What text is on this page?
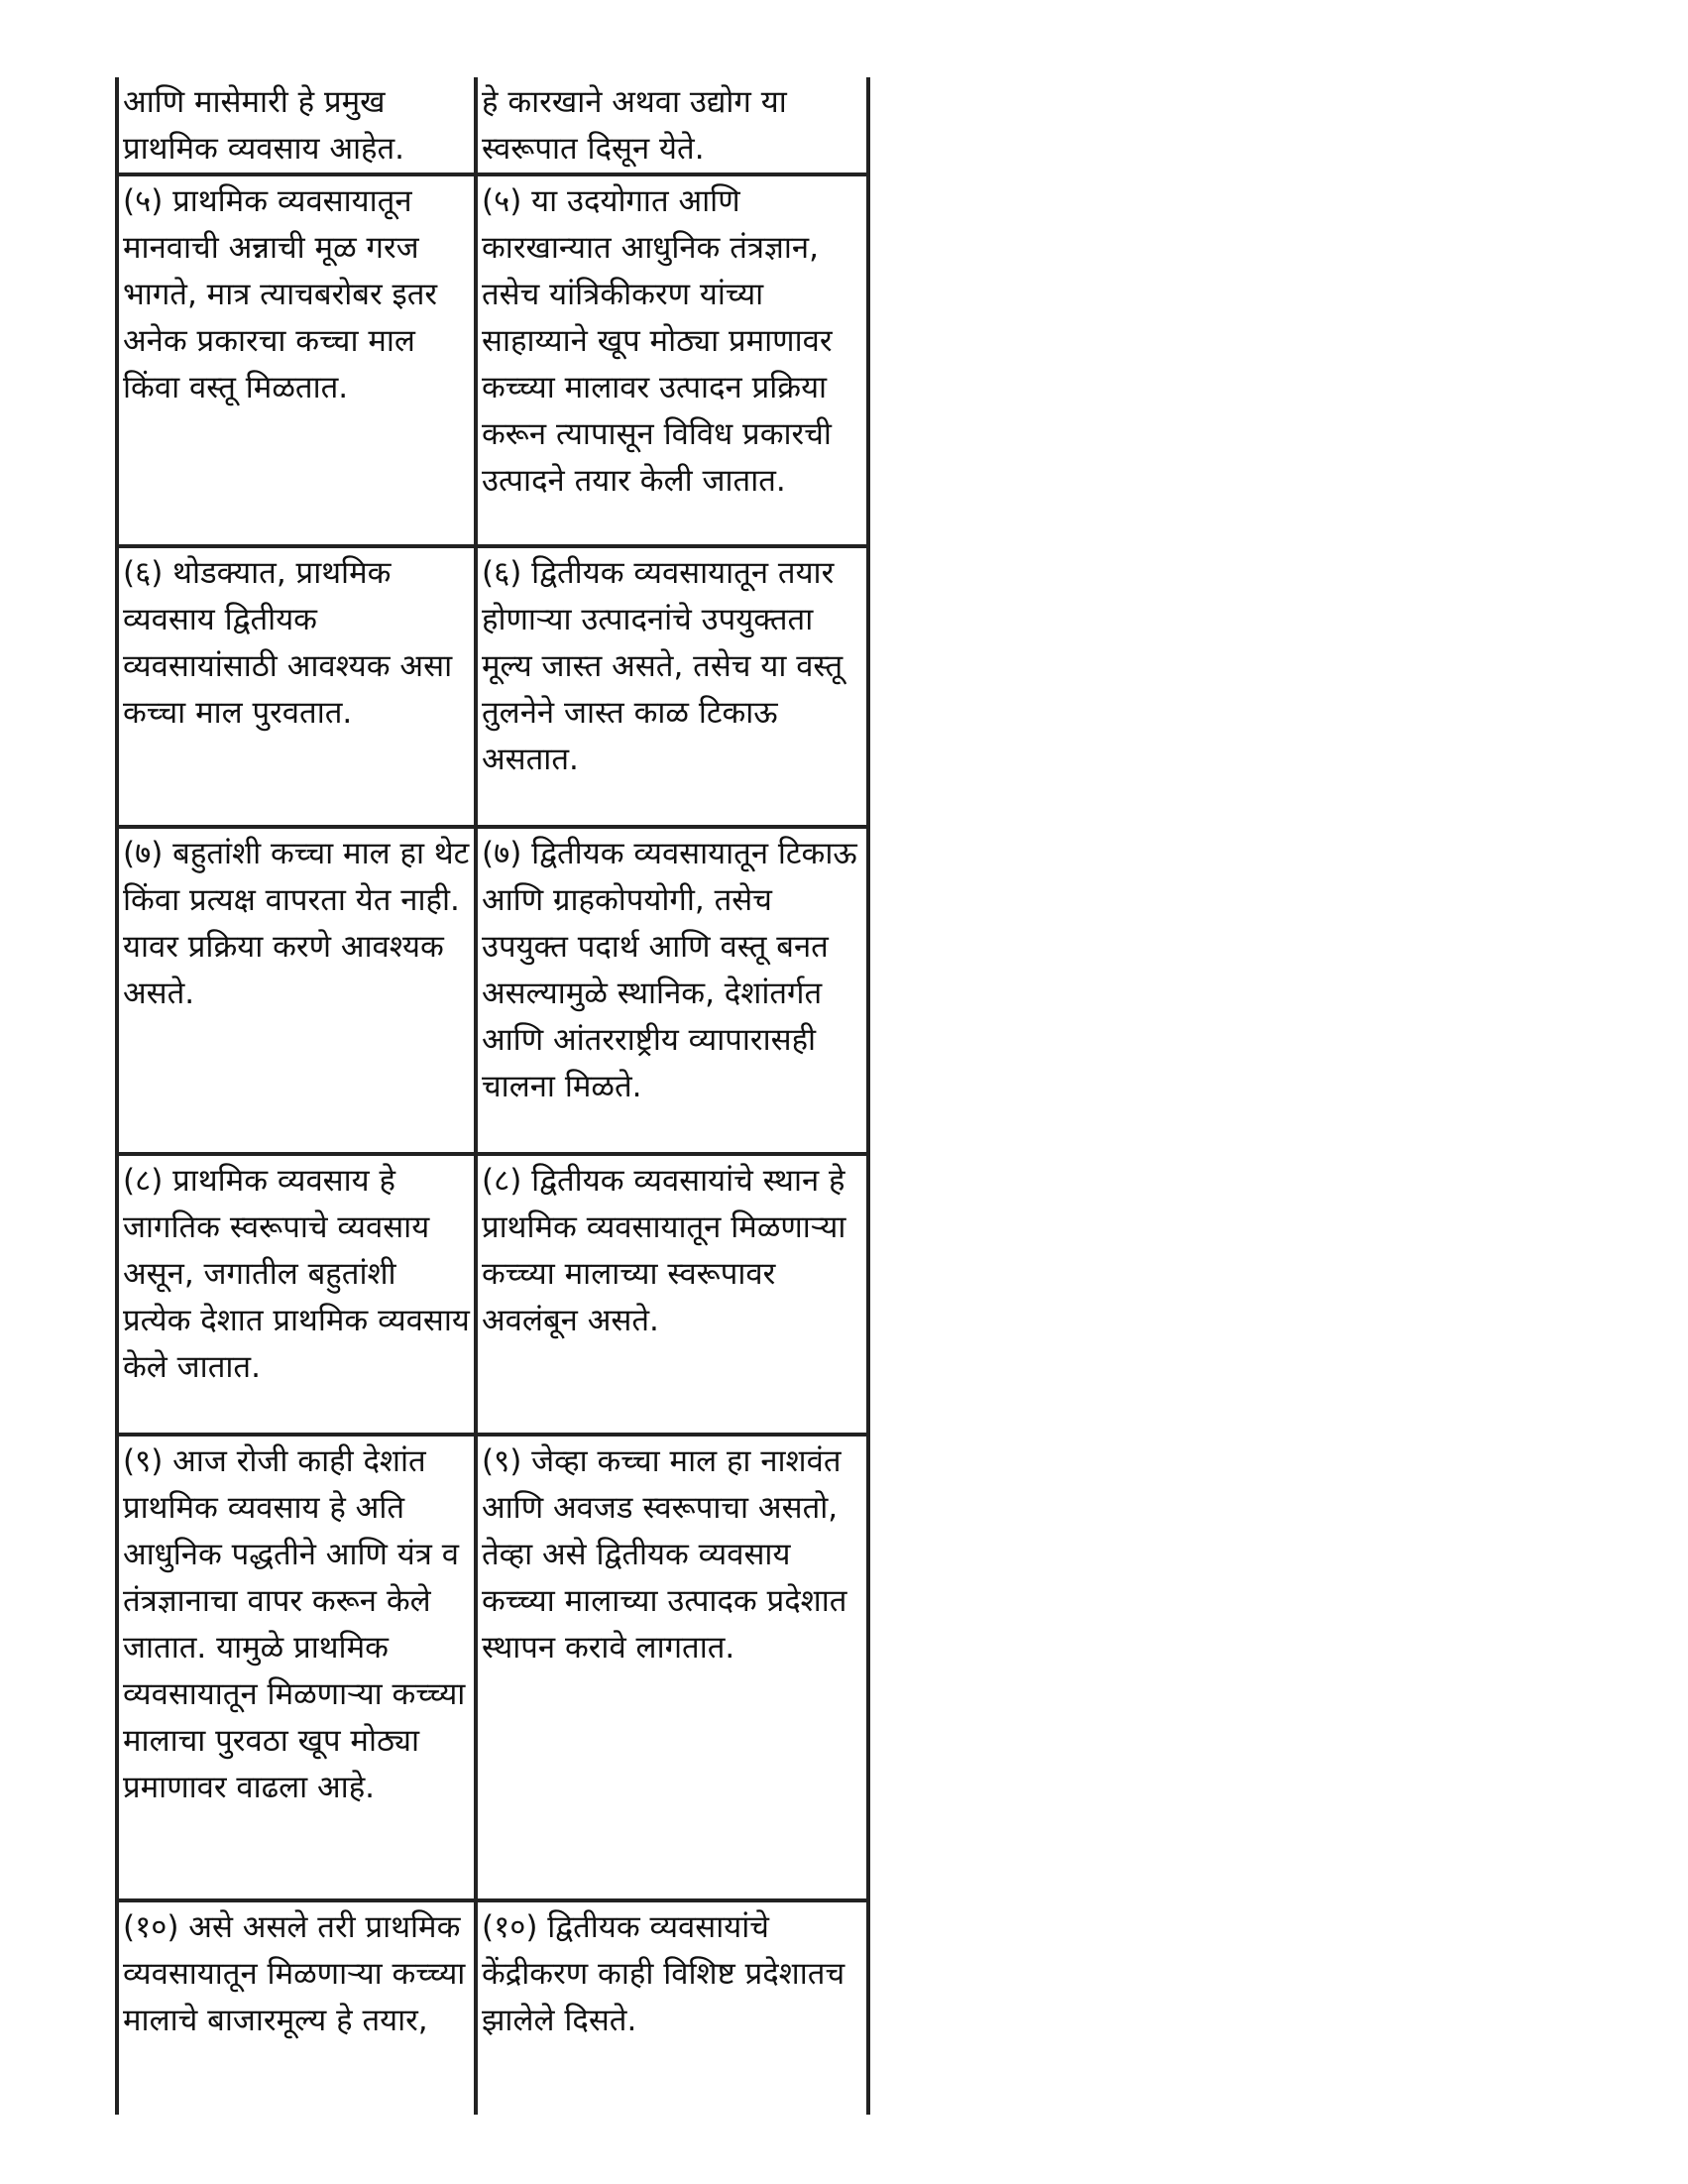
आणि मासेमारी हे प्रमुख प्राथमिक व्यवसाय आहेत.	हे कारखाने अथवा उद्योग या स्वरूपात दिसून येते.

(५) प्राथमिक व्यवसायातून मानवाची अन्नाची मूळ गरज भागते, मात्र त्याचबरोबर इतर अनेक प्रकारचा कच्चा माल किंवा वस्तू मिळतात.	(५) या उदयोगात आणि कारखान्यात आधुनिक तंत्रज्ञान, तसेच यांत्रिकीकरण यांच्या साहाय्याने खूप मोठ्या प्रमाणावर कच्च्या मालावर उत्पादन प्रक्रिया करून त्यापासून विविध प्रकारची उत्पादने तयार केली जातात.

(६) थोडक्यात, प्राथमिक व्यवसाय द्वितीयक व्यवसायांसाठी आवश्यक असा कच्चा माल पुरवतात.	(६) द्वितीयक व्यवसायातून तयार होणाऱ्या उत्पादनांचे उपयुक्तता मूल्य जास्त असते, तसेच या वस्तू तुलनेने जास्त काळ टिकाऊ असतात.

(७) बहुतांशी कच्चा माल हा थेट किंवा प्रत्यक्ष वापरता येत नाही. यावर प्रक्रिया करणे आवश्यक असते.	(७) द्वितीयक व्यवसायातून टिकाऊ आणि ग्राहकोपयोगी, तसेच उपयुक्त पदार्थ आणि वस्तू बनत असल्यामुळे स्थानिक, देशांतर्गत आणि आंतरराष्ट्रीय व्यापारासही चालना मिळते.

(८) प्राथमिक व्यवसाय हे जागतिक स्वरूपाचे व्यवसाय असून, जगातील बहुतांशी प्रत्येक देशात प्राथमिक व्यवसाय केले जातात.	(८) द्वितीयक व्यवसायांचे स्थान हे प्राथमिक व्यवसायातून मिळणाऱ्या कच्च्या मालाच्या स्वरूपावर अवलंबून असते.

(९) आज रोजी काही देशांत प्राथमिक व्यवसाय हे अति आधुनिक पद्धतीने आणि यंत्र व तंत्रज्ञानाचा वापर करून केले जातात. यामुळे प्राथमिक व्यवसायातून मिळणाऱ्या कच्च्या मालाचा पुरवठा खूप मोठ्या प्रमाणावर वाढला आहे.	(९) जेव्हा कच्चा माल हा नाशवंत आणि अवजड स्वरूपाचा असतो, तेव्हा असे द्वितीयक व्यवसाय कच्च्या मालाच्या उत्पादक प्रदेशात स्थापन करावे लागतात.

(१०) असे असले तरी प्राथमिक व्यवसायातून मिळणाऱ्या कच्च्या मालाचे बाजारमूल्य हे तयार,	(१०) द्वितीयक व्यवसायांचे केंद्रीकरण काही विशिष्ट प्रदेशातच झालेले दिसते.
